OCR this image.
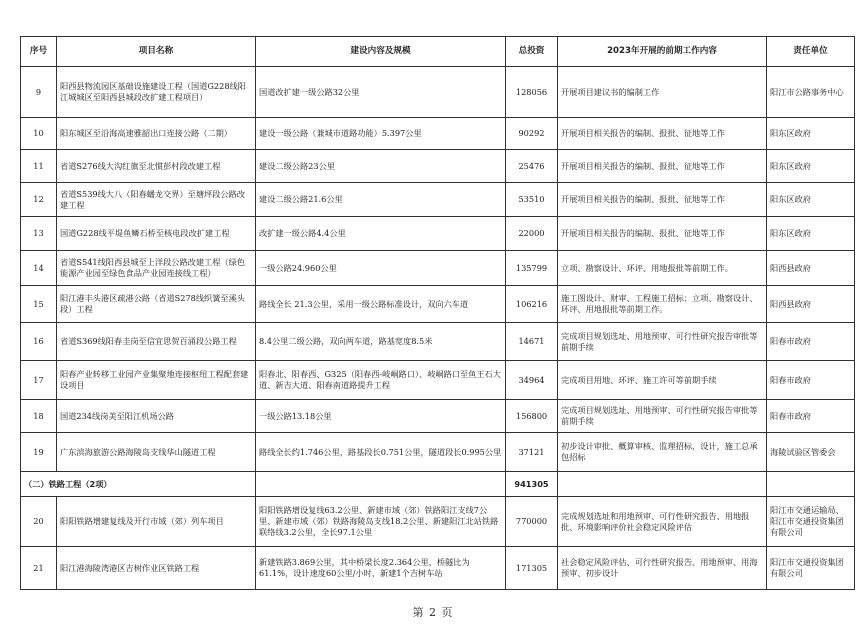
序号	项目名称	建设内容及规模	总投资	2023年开展的前期工作内容	责任单位
9	阳西县物流园区基础设施建设工程（国道G228线阳江城城区至阳西县城段改扩建工程项目）	国道改扩建一级公路32公里	128056	开展项目建议书的编制工作	阳江市公路事务中心
10	阳东城区至沿海高速雅韶出口连接公路（二期）	建设一级公路（兼城市道路功能）5.397公里	90292	开展项目相关报告的编制、报批、征地等工作	阳东区政府
11	省道S276线大沟红旗至北惯彭村段改建工程	建设二级公路23公里	25476	开展项目相关报告的编制、报批、征地等工作	阳东区政府
12	省道S539线大八（阳春蟠龙交界）至塘坪段公路改建工程	建设二级公路21.6公里	53510	开展项目相关报告的编制、报批、征地等工作	阳东区政府
13	国道G228线平堤鱼鳞石桥至核电段改扩建工程	改扩建一级公路4.4公里	22000	开展项目相关报告的编制、报批、征地等工作	阳东区政府
14	省道S541线阳西县城至上洋段公路改建工程（绿色能源产业园至绿色食品产业园连接线工程）	一级公路24.960公里	135799	立项、勘察设计、环评、用地报批等前期工作。	阳西县政府
15	阳江港丰头港区疏港公路（省道S278线织簧至溪头段）工程	路线全长 21.3公里，采用一级公路标准设计，双向六车道	106216	施工图设计、财审、工程施工招标；立项、勘察设计、环评、用地报批等前期工作。	阳西县政府
16	省道S369线阳春圭岗至信宜思贺百涌段公路工程	8.4公里二级公路，双向两车道，路基宽度8.5米	14671	完成项目规划选址、用地预审、可行性研究报告审批等前期手续	阳春市政府
17	阳春产业转移工业园产业集聚地连接枢纽工程配套建设项目	阳春北、阳春西、G325（阳春西-岐峒路口）、岐峒路口至鱼王石大道、新吉大道、阳春南道路提升工程	34964	完成项目用地、环评、施工许可等前期手续	阳春市政府
18	国道234线岗美至阳江机场公路	一级公路13.18公里	156800	完成项目规划选址、用地预审、可行性研究报告审批等前期手续	阳春市政府
19	广东滨海旅游公路海陵岛支线华山隧道工程	路线全长约1.746公里，路基段长0.751公里，隧道段长0.995公里	37121	初步设计审批、概算审核、监理招标，设计，施工总承包招标	海陵试验区管委会
（二）铁路工程（2项）			941305		
20	阳阳铁路增建复线及开行市域（郊）列车项目	阳阳铁路增设复线63.2公里、新建市域（郊）铁路阳江支线7公里、新建市域（郊）铁路海陵岛支线18.2公里、新建阳江北站铁路联络线3.2公里，全长97.1公里	770000	完成规划选址和用地预审、可行性研究报告、用地报批、环境影响评价社会稳定风险评估	阳江市交通运输局、阳江市交通投资集团有限公司
21	阳江港海陵湾港区吉树作业区铁路工程	新建铁路3.869公里，其中桥梁长度2.364公里，桥隧比为61.1%，设计速度60公里/小时，新建1个吉树车站	171305	社会稳定风险评估、可行性研究报告、用地预审、用海预审、初步设计	阳江市交通投资集团有限公司
第 2 页
